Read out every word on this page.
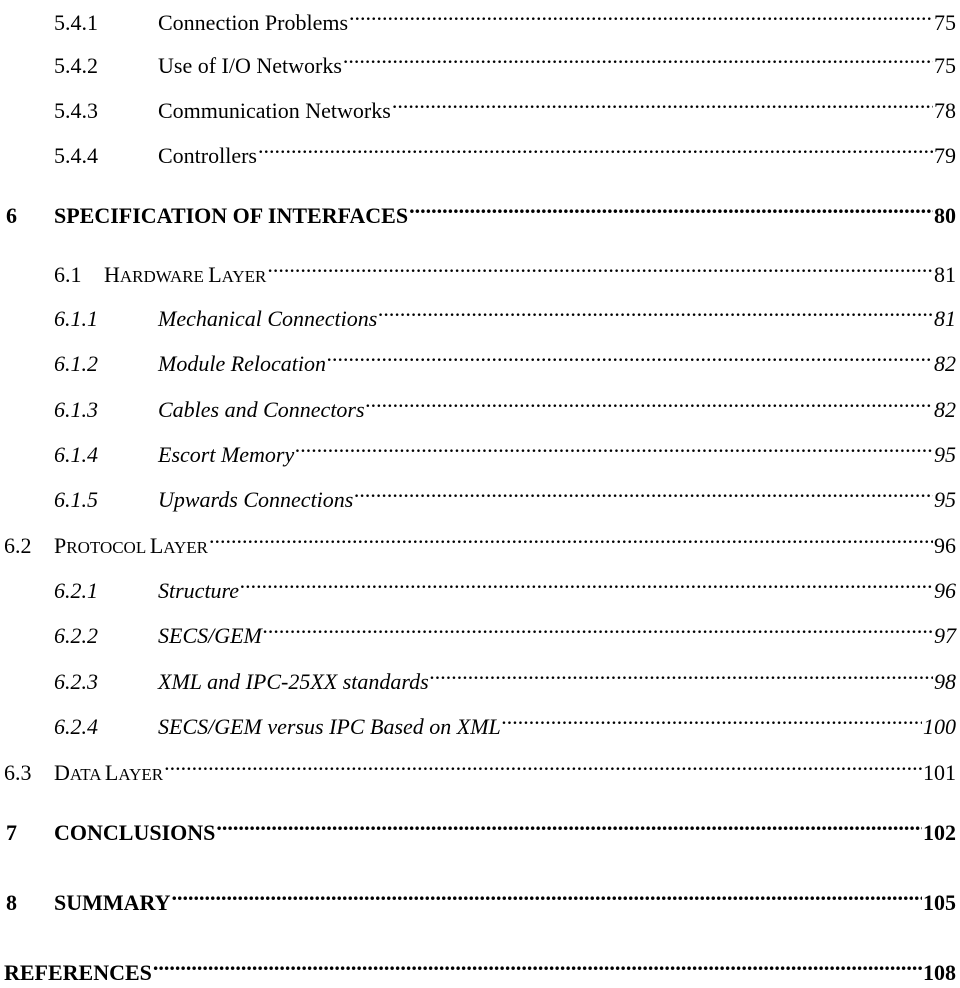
5.4.1	Connection Problems .....	75
5.4.2	Use of I/O Networks .....	75
5.4.3	Communication Networks .....	78
5.4.4	Controllers .....	79
6	SPECIFICATION OF INTERFACES .....	80
6.1	HARDWARE LAYER .....	81
6.1.1	Mechanical Connections .....	81
6.1.2	Module Relocation .....	82
6.1.3	Cables and Connectors .....	82
6.1.4	Escort Memory .....	95
6.1.5	Upwards Connections .....	95
6.2	PROTOCOL LAYER .....	96
6.2.1	Structure .....	96
6.2.2	SECS/GEM .....	97
6.2.3	XML and IPC-25XX standards .....	98
6.2.4	SECS/GEM versus IPC Based on XML .....	100
6.3	DATA LAYER .....	101
7	CONCLUSIONS .....	102
8	SUMMARY .....	105
REFERENCES .....	108
